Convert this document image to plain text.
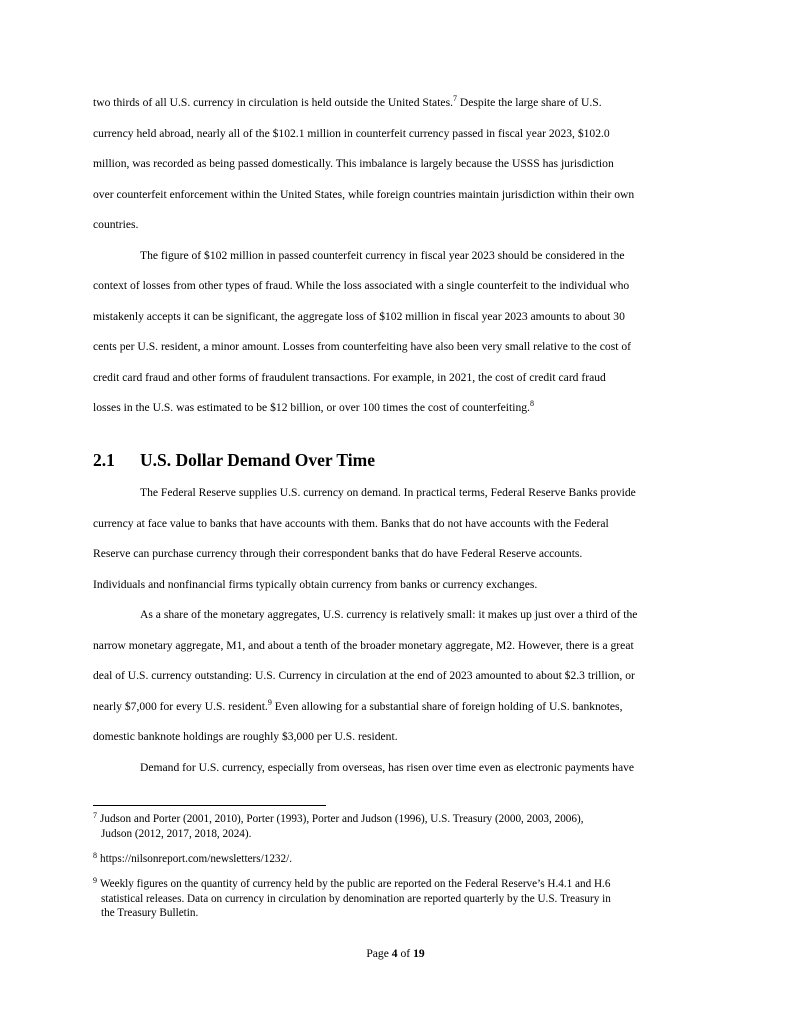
two thirds of all U.S. currency in circulation is held outside the United States.$^7$ Despite the large share of U.S.
currency held abroad, nearly all of the $102.1 million in counterfeit currency passed in fiscal year 2023, $102.0
million, was recorded as being passed domestically. This imbalance is largely because the USSS has jurisdiction
over counterfeit enforcement within the United States, while foreign countries maintain jurisdiction within their own
countries.
The figure of $102 million in passed counterfeit currency in fiscal year 2023 should be considered in the
context of losses from other types of fraud. While the loss associated with a single counterfeit to the individual who
mistakenly accepts it can be significant, the aggregate loss of $102 million in fiscal year 2023 amounts to about 30
cents per U.S. resident, a minor amount. Losses from counterfeiting have also been very small relative to the cost of
credit card fraud and other forms of fraudulent transactions. For example, in 2021, the cost of credit card fraud
losses in the U.S. was estimated to be $12 billion, or over 100 times the cost of counterfeiting.$^8$
2.1 U.S. Dollar Demand Over Time
The Federal Reserve supplies U.S. currency on demand. In practical terms, Federal Reserve Banks provide
currency at face value to banks that have accounts with them. Banks that do not have accounts with the Federal
Reserve can purchase currency through their correspondent banks that do have Federal Reserve accounts.
Individuals and nonfinancial firms typically obtain currency from banks or currency exchanges.
As a share of the monetary aggregates, U.S. currency is relatively small: it makes up just over a third of the
narrow monetary aggregate, M1, and about a tenth of the broader monetary aggregate, M2. However, there is a great
deal of U.S. currency outstanding: U.S. Currency in circulation at the end of 2023 amounted to about $2.3 trillion, or
nearly $7,000 for every U.S. resident.$^9$ Even allowing for a substantial share of foreign holding of U.S. banknotes,
domestic banknote holdings are roughly $3,000 per U.S. resident.
Demand for U.S. currency, especially from overseas, has risen over time even as electronic payments have

$^7$ Judson and Porter (2001, 2010), Porter (1993), Porter and Judson (1996), U.S. Treasury (2000, 2003, 2006),
Judson (2012, 2017, 2018, 2024).

$^8$ https://nilsonreport.com/newsletters/1232/.

$^9$ Weekly figures on the quantity of currency held by the public are reported on the Federal Reserve’s H.4.1 and H.6
statistical releases. Data on currency in circulation by denomination are reported quarterly by the U.S. Treasury in
the Treasury Bulletin.

Page 4 of 19
